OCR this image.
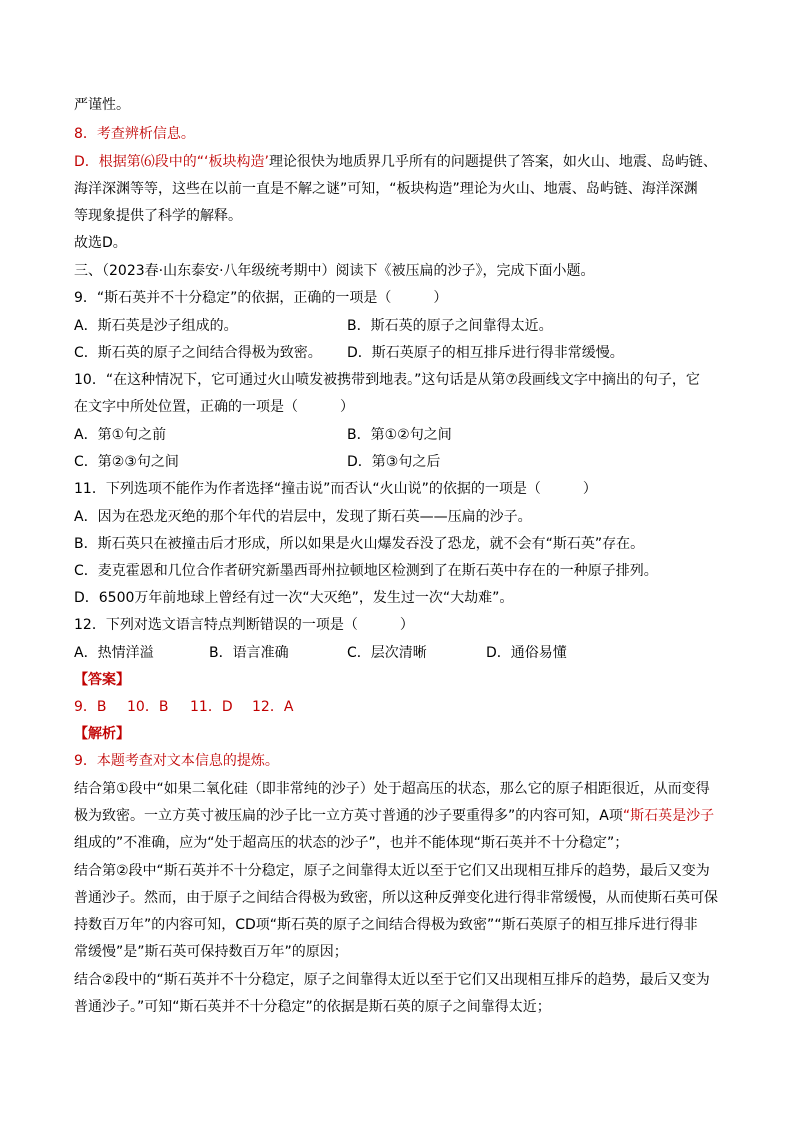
严谨性。
8．考查辨析信息。
D．根据第⑹段中的“‘板块构造’理论很快为地质界几乎所有的问题提供了答案，如火山、地震、岛屿链、
海洋深渊等等，这些在以前一直是不解之谜”可知，“板块构造”理论为火山、地震、岛屿链、海洋深渊
等现象提供了科学的解释。
故选D。
三、（2023春·山东泰安·八年级统考期中）阅读下《被压扁的沙子》，完成下面小题。
9．“斯石英并不十分稳定”的依据，正确的一项是（　　　）
A．斯石英是沙子组成的。	B．斯石英的原子之间靠得太近。
C．斯石英的原子之间结合得极为致密。 D．斯石英原子的相互排斥进行得非常缓慢。
10．“在这种情况下，它可通过火山喷发被携带到地表。”这句话是从第⑦段画线文字中摘出的句子，它
在文字中所处位置，正确的一项是（　　　）
A．第①句之前	B．第①②句之间
C．第②③句之间	D．第③句之后
11．下列选项不能作为作者选择“撞击说”而否认“火山说”的依据的一项是（　　　）
A．因为在恐龙灭绝的那个年代的岩层中，发现了斯石英——压扁的沙子。
B．斯石英只在被撞击后才形成，所以如果是火山爆发吞没了恐龙，就不会有“斯石英”存在。
C．麦克霍恩和几位合作者研究新墨西哥州拉顿地区检测到了在斯石英中存在的一种原子排列。
D．6500万年前地球上曾经有过一次“大灭绝”，发生过一次“大劫难”。
12．下列对选文语言特点判断错误的一项是（　　　）
A．热情洋溢	B．语言准确	C．层次清晰	D．通俗易懂
【答案】
9．B 10．B 11．D 12．A
【解析】
9．本题考查对文本信息的提炼。
结合第①段中“如果二氧化硅（即非常纯的沙子）处于超高压的状态，那么它的原子相距很近，从而变得
极为致密。一立方英寸被压扁的沙子比一立方英寸普通的沙子要重得多”的内容可知，A项“斯石英是沙子
组成的”不准确，应为“处于超高压的状态的沙子”，也并不能体现“斯石英并不十分稳定”；
结合第②段中“斯石英并不十分稳定，原子之间靠得太近以至于它们又出现相互排斥的趋势，最后又变为
普通沙子。然而，由于原子之间结合得极为致密，所以这种反弹变化进行得非常缓慢，从而使斯石英可保
持数百万年”的内容可知，CD项“斯石英的原子之间结合得极为致密”“斯石英原子的相互排斥进行得非
常缓慢”是”斯石英可保持数百万年”的原因；
结合②段中的“斯石英并不十分稳定，原子之间靠得太近以至于它们又出现相互排斥的趋势，最后又变为
普通沙子。”可知“斯石英并不十分稳定”的依据是斯石英的原子之间靠得太近；
